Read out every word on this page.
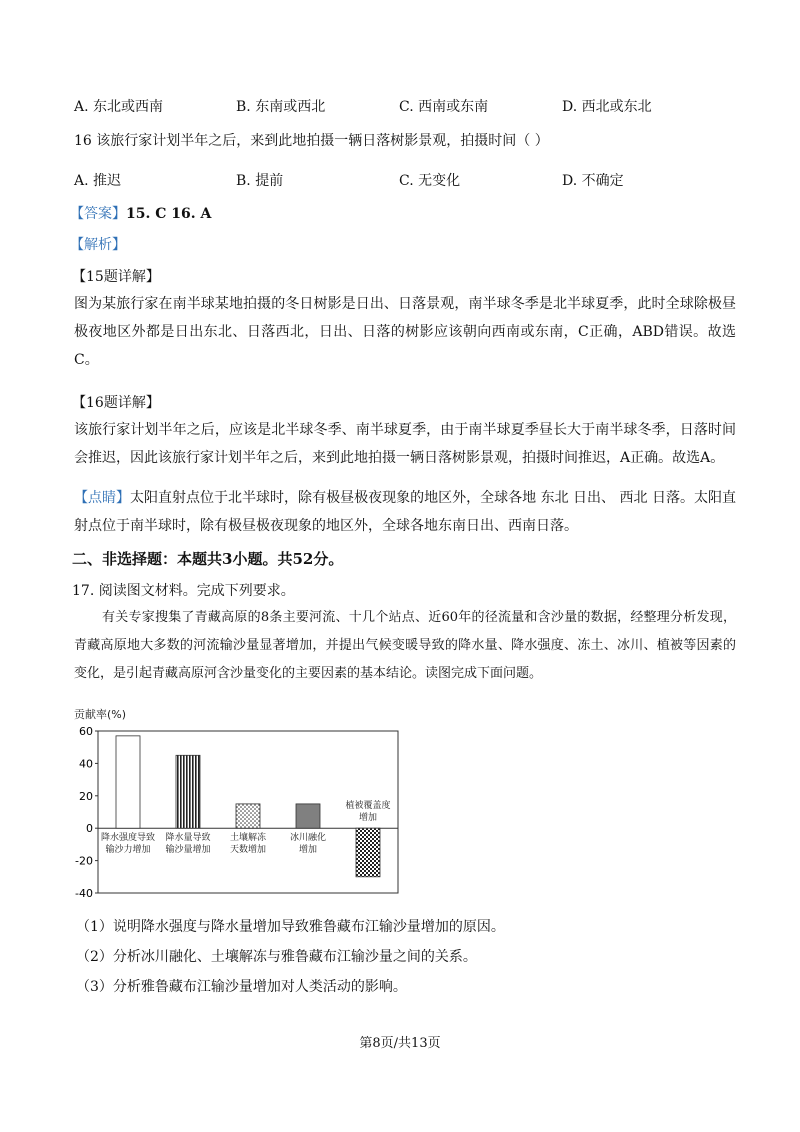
A. 东北或西南	B. 东南或西北	C. 西南或东南	D. 西北或东北
16 该旅行家计划半年之后，来到此地拍摄一辆日落树影景观，拍摄时间（ ）
A. 推迟	B. 提前	C. 无变化	D. 不确定
【答案】15. C 16. A
【解析】
【15题详解】
图为某旅行家在南半球某地拍摄的冬日树影是日出、日落景观，南半球冬季是北半球夏季，此时全球除极昼极夜地区外都是日出东北、日落西北，日出、日落的树影应该朝向西南或东南，C正确，ABD错误。故选C。
【16题详解】
该旅行家计划半年之后，应该是北半球冬季、南半球夏季，由于南半球夏季昼长大于南半球冬季，日落时间会推迟，因此该旅行家计划半年之后，来到此地拍摄一辆日落树影景观，拍摄时间推迟，A正确。故选A。
【点睛】太阳直射点位于北半球时，除有极昼极夜现象的地区外，全球各地 东北 日出、 西北 日落。太阳直射点位于南半球时，除有极昼极夜现象的地区外，全球各地东南日出、西南日落。
二、非选择题：本题共3小题。共52分。
17. 阅读图文材料。完成下列要求。
有关专家搜集了青藏高原的8条主要河流、十几个站点、近60年的径流量和含沙量的数据，经整理分析发现，青藏高原地大多数的河流输沙量显著增加，并提出气候变暖导致的降水量、降水强度、冻土、冰川、植被等因素的变化，是引起青藏高原河含沙量变化的主要因素的基本结论。读图完成下面问题。
贡献率(%)
60
40
20
0
-20
-40
降水强度导致
输沙力增加
降水量导致
输沙量增加
土壤解冻
天数增加
冰川融化
增加
植被覆盖度
增加
（1）说明降水强度与降水量增加导致雅鲁藏布江输沙量增加的原因。
（2）分析冰川融化、土壤解冻与雅鲁藏布江输沙量之间的关系。
（3）分析雅鲁藏布江输沙量增加对人类活动的影响。
第8页/共13页
